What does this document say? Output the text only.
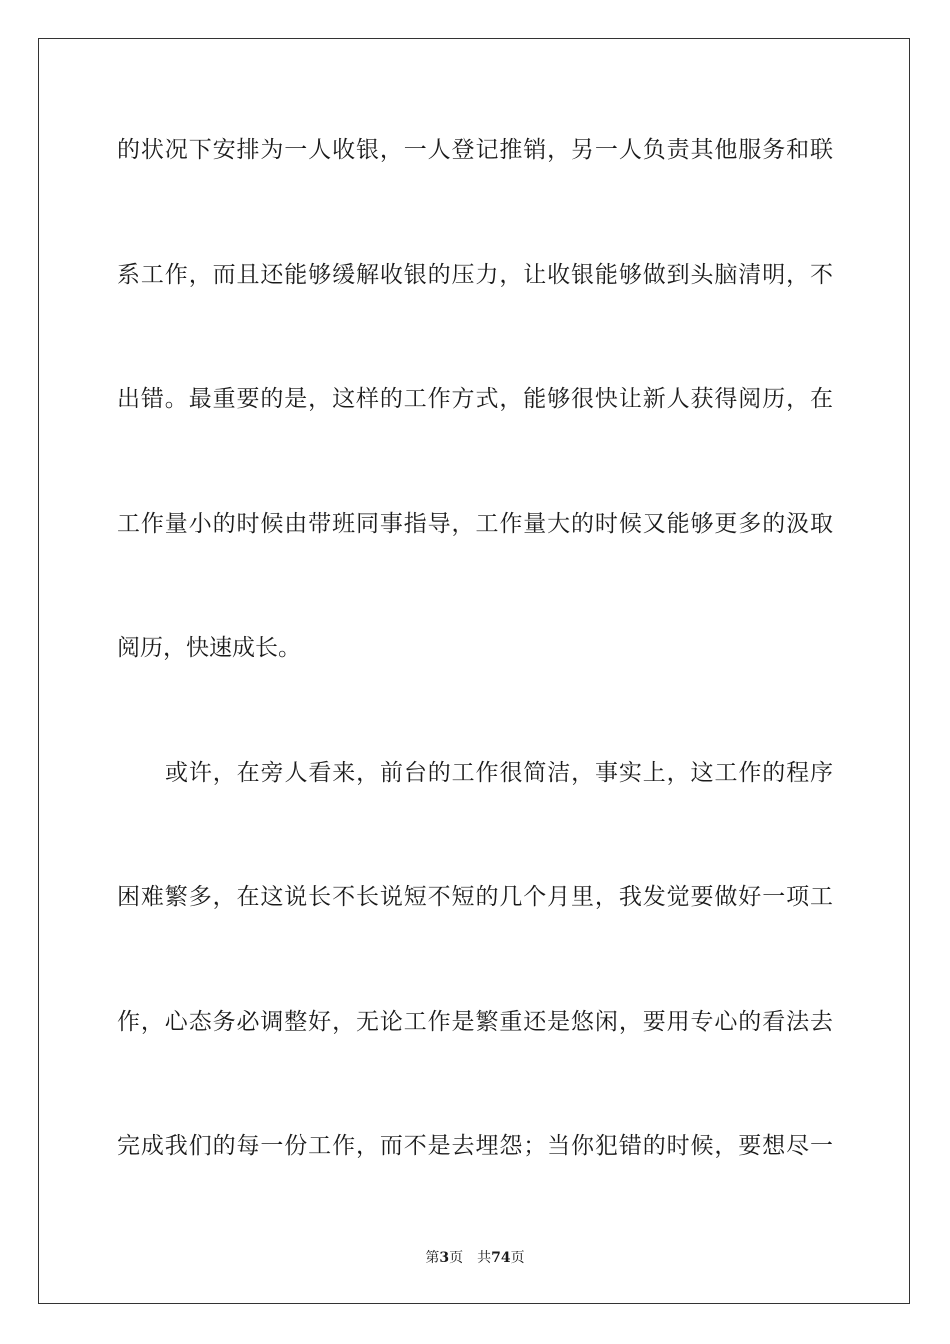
的状况下安排为一人收银，一人登记推销，另一人负责其他服务和联
系工作，而且还能够缓解收银的压力，让收银能够做到头脑清明，不
出错。最重要的是，这样的工作方式，能够很快让新人获得阅历，在
工作量小的时候由带班同事指导，工作量大的时候又能够更多的汲取
阅历，快速成长。
或许，在旁人看来，前台的工作很简洁，事实上，这工作的程序
困难繁多，在这说长不长说短不短的几个月里，我发觉要做好一项工
作，心态务必调整好，无论工作是繁重还是悠闲，要用专心的看法去
完成我们的每一份工作，而不是去埋怨；当你犯错的时候，要想尽一
第3页 共74页
